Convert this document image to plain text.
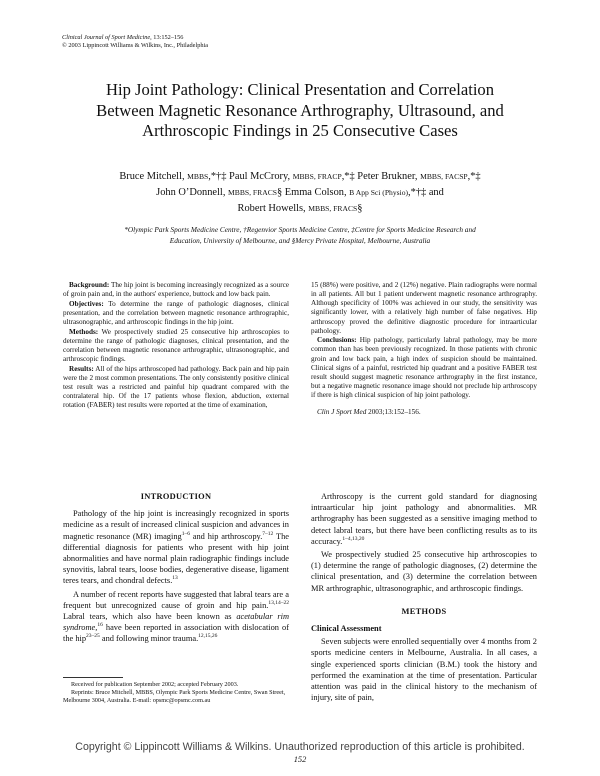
Clinical Journal of Sport Medicine, 13:152–156
© 2003 Lippincott Williams & Wilkins, Inc., Philadelphia
Hip Joint Pathology: Clinical Presentation and Correlation
Between Magnetic Resonance Arthrography, Ultrasound, and
Arthroscopic Findings in 25 Consecutive Cases
Bruce Mitchell, MBBS,*†‡ Paul McCrory, MBBS, FRACP,*‡ Peter Brukner, MBBS, FACSP,*‡
John O’Donnell, MBBS, FRACS§ Emma Colson, B App Sci (Physio),*†‡ and
Robert Howells, MBBS, FRACS§
*Olympic Park Sports Medicine Centre, †Regenvior Sports Medicine Centre, ‡Centre for Sports Medicine Research and
Education, University of Melbourne, and §Mercy Private Hospital, Melbourne, Australia

Background: The hip joint is becoming increasingly recognized as a source of groin pain and, in the authors' experience, buttock and low back pain.

Objectives: To determine the range of pathologic diagnoses, clinical presentation, and the correlation between magnetic resonance arthrographic, ultrasonographic, and arthroscopic findings in the hip joint.

Methods: We prospectively studied 25 consecutive hip arthroscopies to determine the range of pathologic diagnoses, clinical presentation, and the correlation between magnetic resonance arthrographic, ultrasonographic, and arthroscopic findings.

Results: All of the hips arthroscoped had pathology. Back pain and hip pain were the 2 most common presentations. The only consistently positive clinical test result was a restricted and painful hip quadrant compared with the contralateral hip. Of the 17 patients whose flexion, abduction, external rotation (FABER) test results were reported at the time of examination,

15 (88%) were positive, and 2 (12%) negative. Plain radiographs were normal in all patients. All but 1 patient underwent magnetic resonance arthrography. Although specificity of 100% was achieved in our study, the sensitivity was significantly lower, with a relatively high number of false negatives. Hip arthroscopy proved the definitive diagnostic procedure for intraarticular pathology.

Conclusions: Hip pathology, particularly labral pathology, may be more common than has been previously recognized. In those patients with chronic groin and low back pain, a high index of suspicion should be maintained. Clinical signs of a painful, restricted hip quadrant and a positive FABER test result should suggest magnetic resonance arthrography in the first instance, but a negative magnetic resonance image should not preclude hip arthroscopy if there is high clinical suspicion of hip joint pathology.

Clin J Sport Med 2003;13:152–156.
INTRODUCTION

Pathology of the hip joint is increasingly recognized in sports medicine as a result of increased clinical suspicion and advances in magnetic resonance (MR) imaging$^{1-6}$ and hip arthroscopy.$^{7-12}$ The differential diagnosis for patients who present with hip joint abnormalities and have normal plain radiographic findings include synovitis, labral tears, loose bodies, degenerative disease, ligament teres tears, and chondral defects.$^{13}$

A number of recent reports have suggested that labral tears are a frequent but unrecognized cause of groin and hip pain.$^{13,14-22}$ Labral tears, which also have been known as acetabular rim syndrome,$^{16}$ have been reported in association with dislocation of the hip$^{23-25}$ and following minor trauma.$^{12,15,26}$

Arthroscopy is the current gold standard for diagnosing intraarticular hip joint pathology and abnormalities. MR arthrography has been suggested as a sensitive imaging method to detect labral tears, but there have been conflicting results as to its accuracy.$^{1-4,13,20}$

We prospectively studied 25 consecutive hip arthroscopies to (1) determine the range of pathologic diagnoses, (2) determine the clinical presentation, and (3) determine the correlation between MR arthrographic, ultrasonographic, and arthroscopic findings.

METHODS
Clinical Assessment

Seven subjects were enrolled sequentially over 4 months from 2 sports medicine centers in Melbourne, Australia. In all cases, a single experienced sports clinician (B.M.) took the history and performed the examination at the time of presentation. Particular attention was paid in the clinical history to the mechanism of injury, site of pain,

Received for publication September 2002; accepted February 2003.

Reprints: Bruce Mitchell, MBBS, Olympic Park Sports Medicine Centre, Swan Street, Melbourne 3004, Australia. E-mail: opsmc@opsmc.com.au

Copyright © Lippincott Williams & Wilkins. Unauthorized reproduction of this article is prohibited.
152
